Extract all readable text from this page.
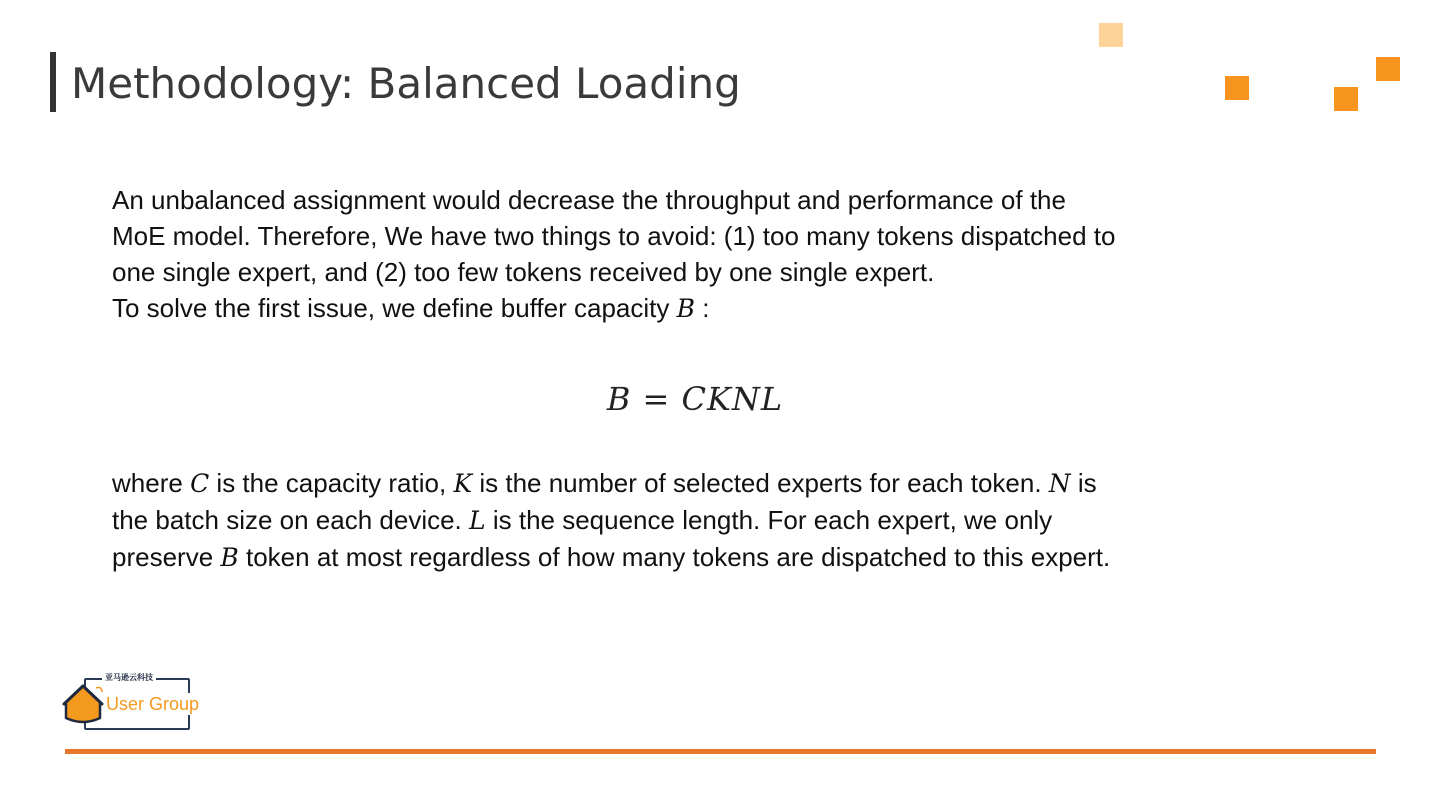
Methodology: Balanced Loading
An unbalanced assignment would decrease the throughput and performance of the
MoE model. Therefore, We have two things to avoid: (1) too many tokens dispatched to
one single expert, and (2) too few tokens received by one single expert.
To solve the first issue, we define buffer capacity B :
B = CKNL
where C is the capacity ratio, K is the number of selected experts for each token. N is
the batch size on each device. L is the sequence length. For each expert, we only
preserve B token at most regardless of how many tokens are dispatched to this expert.
亚马逊云科技
User Group
